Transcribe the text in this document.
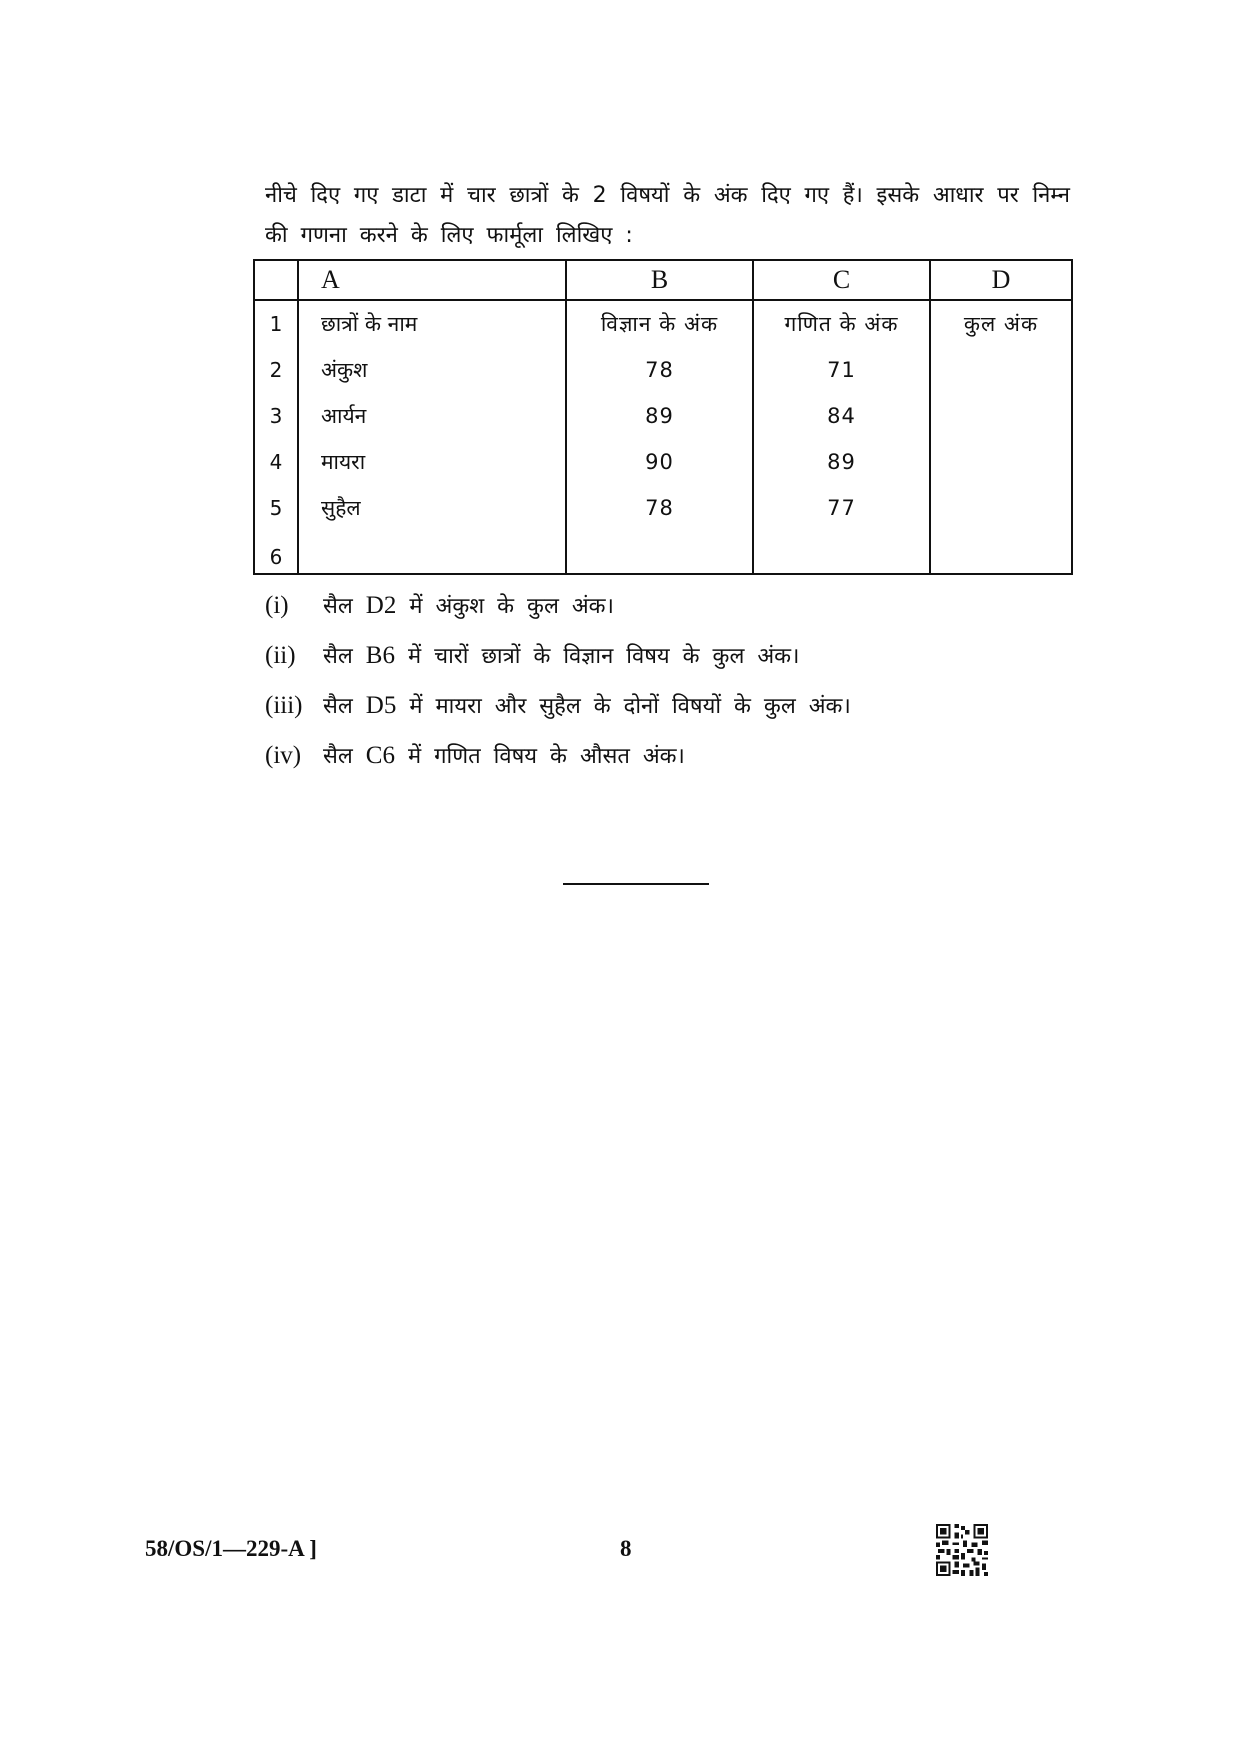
नीचे दिए गए डाटा में चार छात्रों के 2 विषयों के अंक दिए गए हैं। इसके आधार पर निम्न की गणना करने के लिए फार्मूला लिखिए :
	A	B	C	D
1	छात्रों के नाम	विज्ञान के अंक	गणित के अंक	कुल अंक
2	अंकुश	78	71	
3	आर्यन	89	84	
4	मायरा	90	89	
5	सुहैल	78	77	
6				
(i) सैल D2 में अंकुश के कुल अंक।
(ii) सैल B6 में चारों छात्रों के विज्ञान विषय के कुल अंक।
(iii) सैल D5 में मायरा और सुहैल के दोनों विषयों के कुल अंक।
(iv) सैल C6 में गणित विषय के औसत अंक।
58/OS/1—229-A ]	8
